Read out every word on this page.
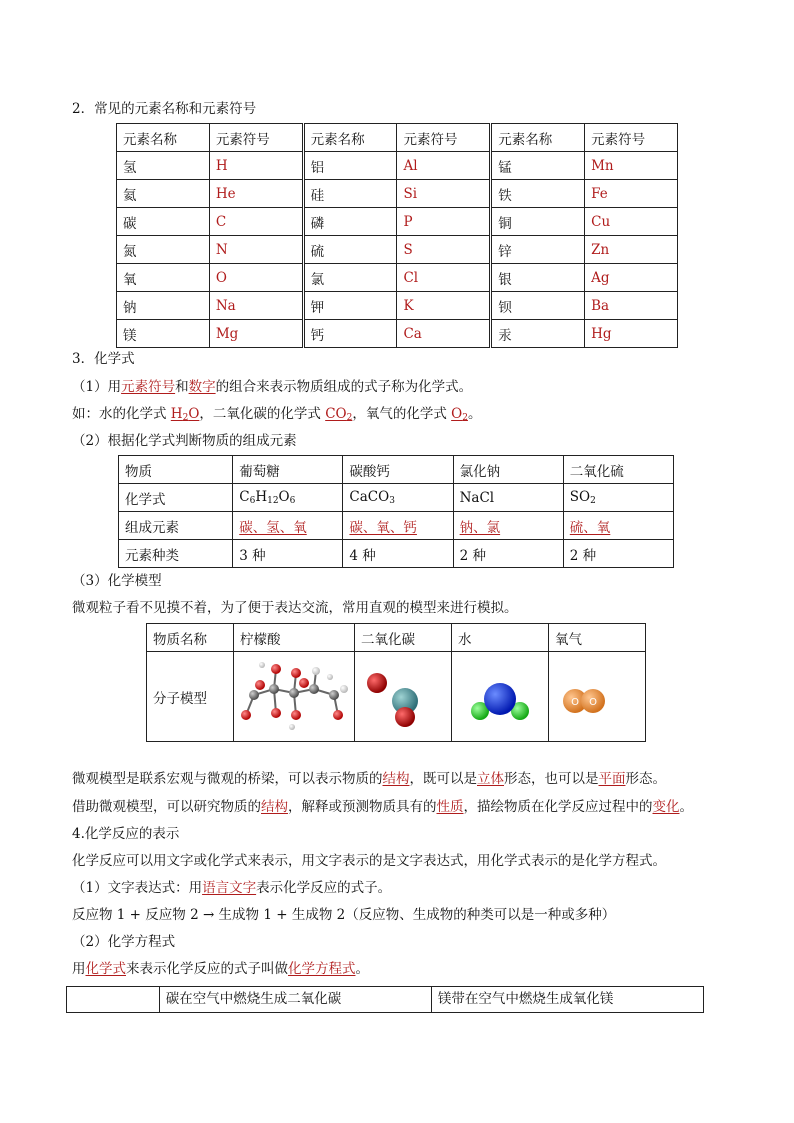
2．常见的元素名称和元素符号
元素名称	元素符号	元素名称	元素符号	元素名称	元素符号
氢	H	铝	Al	锰	Mn
氦	He	硅	Si	铁	Fe
碳	C	磷	P	铜	Cu
氮	N	硫	S	锌	Zn
氧	O	氯	Cl	银	Ag
钠	Na	钾	K	钡	Ba
镁	Mg	钙	Ca	汞	Hg
3．化学式
（1）用元素符号和数字的组合来表示物质组成的式子称为化学式。
如：水的化学式 $H_2O$，二氧化碳的化学式 $CO_2$，氧气的化学式 $O_2$。
（2）根据化学式判断物质的组成元素
物质	葡萄糖	碳酸钙	氯化钠	二氧化硫
化学式	$C_6H_{12}O_6$	CaCO$_3$	NaCl	$SO_2$
组成元素	碳、氢、氧	碳、氧、钙	钠、氯	硫、氧
元素种类	3 种	4 种	2 种	2 种
（3）化学模型
微观粒子看不见摸不着，为了便于表达交流，常用直观的模型来进行模拟。
物质名称	柠檬酸	二氧化碳	水	氧气
分子模型				O O
微观模型是联系宏观与微观的桥梁，可以表示物质的结构，既可以是立体形态，也可以是平面形态。
借助微观模型，可以研究物质的结构，解释或预测物质具有的性质，描绘物质在化学反应过程中的变化。
4.化学反应的表示
化学反应可以用文字或化学式来表示，用文字表示的是文字表达式，用化学式表示的是化学方程式。
（1）文字表达式：用语言文字表示化学反应的式子。
反应物 1 + 反应物 2 → 生成物 1 + 生成物 2（反应物、生成物的种类可以是一种或多种）
（2）化学方程式
用化学式来表示化学反应的式子叫做化学方程式。
	碳在空气中燃烧生成二氧化碳	镁带在空气中燃烧生成氧化镁
